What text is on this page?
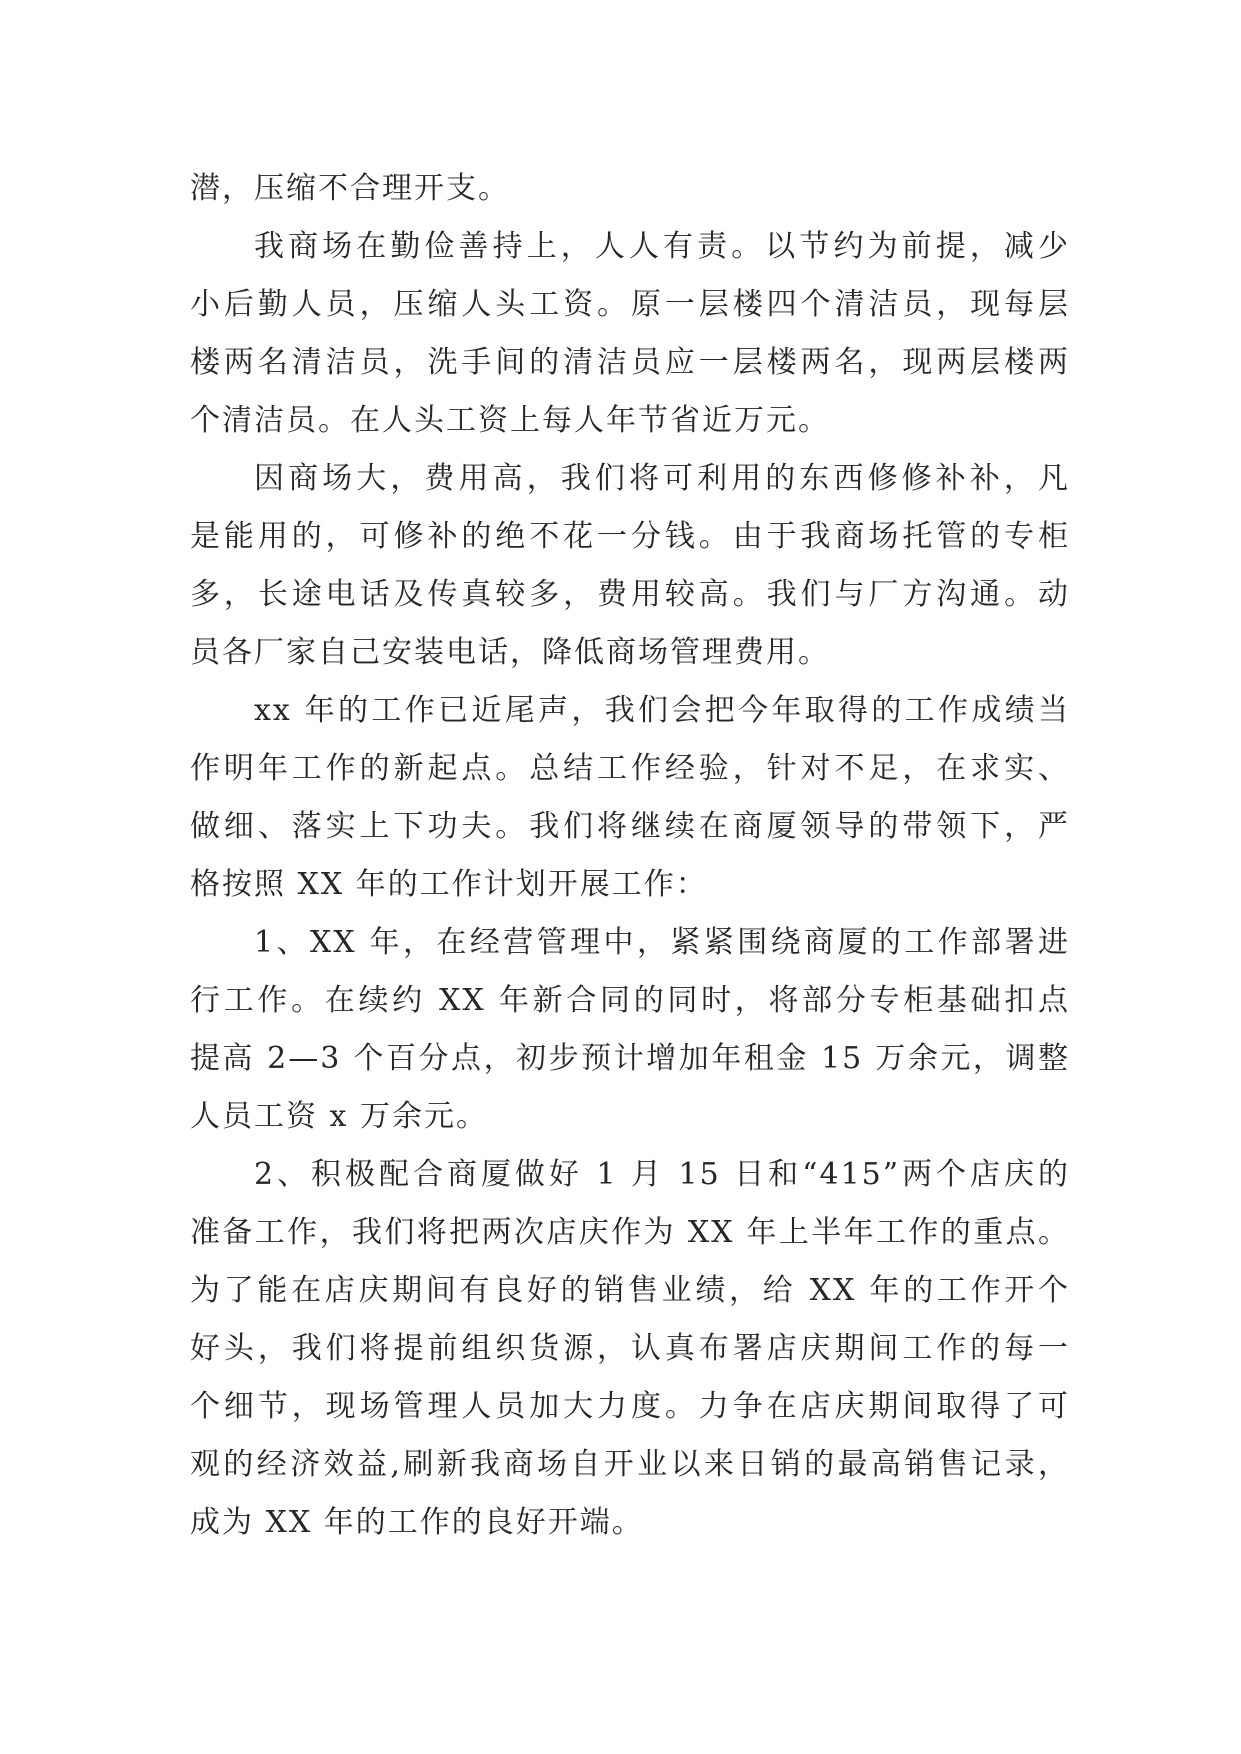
潜，压缩不合理开支。
我商场在勤俭善持上，人人有责。以节约为前提，减少
小后勤人员，压缩人头工资。原一层楼四个清洁员，现每层
楼两名清洁员，洗手间的清洁员应一层楼两名，现两层楼两
个清洁员。在人头工资上每人年节省近万元。
因商场大，费用高，我们将可利用的东西修修补补，凡
是能用的，可修补的绝不花一分钱。由于我商场托管的专柜
多，长途电话及传真较多，费用较高。我们与厂方沟通。动
员各厂家自己安装电话，降低商场管理费用。
xx 年的工作已近尾声，我们会把今年取得的工作成绩当
作明年工作的新起点。总结工作经验，针对不足，在求实、
做细、落实上下功夫。我们将继续在商厦领导的带领下，严
格按照 XX 年的工作计划开展工作：
1、XX 年，在经营管理中，紧紧围绕商厦的工作部署进
行工作。在续约 XX 年新合同的同时，将部分专柜基础扣点
提高 2—3 个百分点，初步预计增加年租金 15 万余元，调整
人员工资 x 万余元。
2、积极配合商厦做好 1 月 15 日和“415”两个店庆的
准备工作，我们将把两次店庆作为 XX 年上半年工作的重点。
为了能在店庆期间有良好的销售业绩，给 XX 年的工作开个
好头，我们将提前组织货源，认真布署店庆期间工作的每一
个细节，现场管理人员加大力度。力争在店庆期间取得了可
观的经济效益,刷新我商场自开业以来日销的最高销售记录，
成为 XX 年的工作的良好开端。
